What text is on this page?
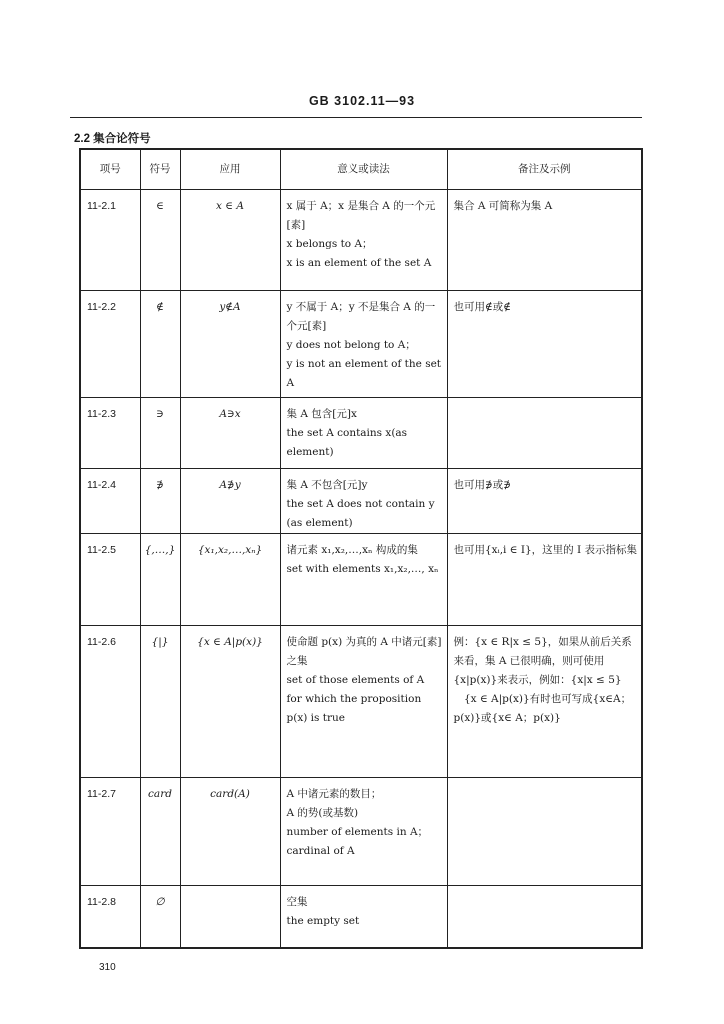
GB 3102.11—93
2.2 集合论符号
项号	符号	应用	意义或读法	备注及示例
11-2.1	∈	x ∈ A	x 属于 A；x 是集合 A 的一个元[素]
x belongs to A；
x is an element of the set A	集合 A 可简称为集 A

11-2.2	∉	y∉A	y 不属于 A；y 不是集合 A 的一个元[素]
y does not belong to A；
y is not an element of the set A	也可用∉或∉

11-2.3	∋	A∋x	集 A 包含[元]x
the set A contains x(as element)	

11-2.4	∌	A∌y	集 A 不包含[元]y
the set A does not contain y (as element)	也可用∌或∌

11-2.5	{,…,}	{x₁,x₂,…,xₙ}	诸元素 x₁,x₂,…,xₙ 构成的集
set with elements x₁,x₂,…, xₙ	也可用{xᵢ,i ∈ I}，这里的 I 表示指标集

11-2.6	{|}	{x ∈ A|p(x)}	使命题 p(x) 为真的 A 中诸元[素]之集
set of those elements of A for which the proposition p(x) is true	例：{x ∈ R|x ≤ 5}，如果从前后关系来看，集 A 已很明确，则可使用{x|p(x)}来表示，例如：{x|x ≤ 5}
{x ∈ A|p(x)}有时也可写成{x∈A；p(x)}或{x∈ A；p(x)}

11-2.7	card	card(A)	A 中诸元素的数目；
A 的势(或基数)
number of elements in A；
cardinal of A	

11-2.8	∅		空集
the empty set	

310
